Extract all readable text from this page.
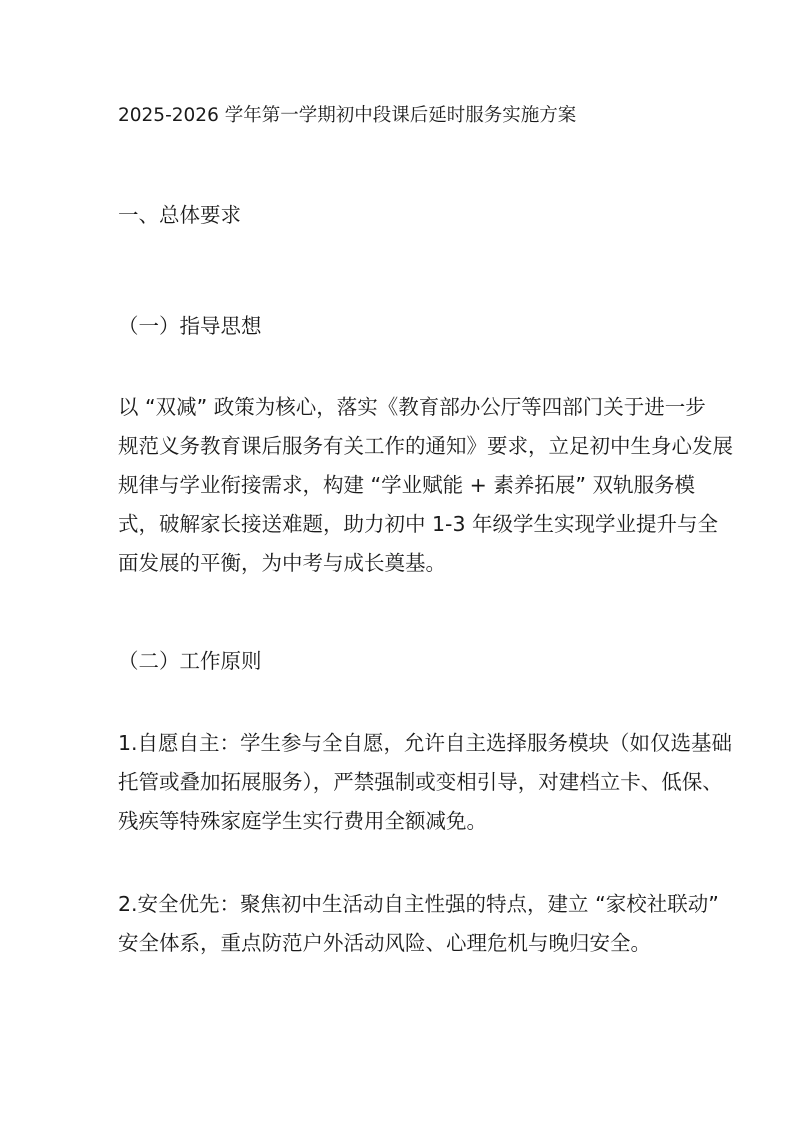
2025-2026 学年第一学期初中段课后延时服务实施方案
一、总体要求
（一）指导思想
以 “双减” 政策为核心，落实《教育部办公厅等四部门关于进一步
规范义务教育课后服务有关工作的通知》要求，立足初中生身心发展
规律与学业衔接需求，构建 “学业赋能 + 素养拓展” 双轨服务模
式，破解家长接送难题，助力初中 1-3 年级学生实现学业提升与全
面发展的平衡，为中考与成长奠基。
（二）工作原则
1.自愿自主：学生参与全自愿，允许自主选择服务模块（如仅选基础
托管或叠加拓展服务），严禁强制或变相引导，对建档立卡、低保、
残疾等特殊家庭学生实行费用全额减免。
2.安全优先：聚焦初中生活动自主性强的特点，建立 “家校社联动”
安全体系，重点防范户外活动风险、心理危机与晚归安全。
